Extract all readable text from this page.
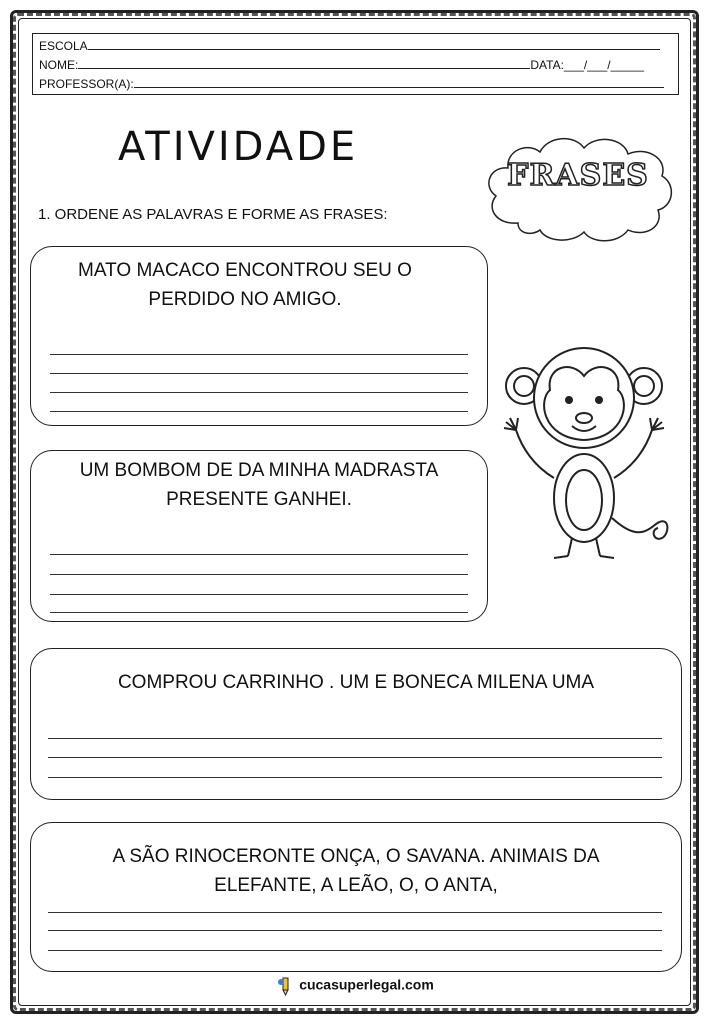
ESCOLA
NOME:	DATA:___/___/_____
PROFESSOR(A):
ATIVIDADE
FRASES
1. ORDENE AS PALAVRAS E FORME AS FRASES:
MATO MACACO ENCONTROU SEU O
PERDIDO NO AMIGO.
UM BOMBOM DE DA MINHA MADRASTA
PRESENTE GANHEI.
COMPROU CARRINHO . UM E BONECA MILENA UMA
A SÃO RINOCERONTE ONÇA, O SAVANA. ANIMAIS DA
ELEFANTE, A LEÃO, O, O ANTA,
cucasuperlegal.com
